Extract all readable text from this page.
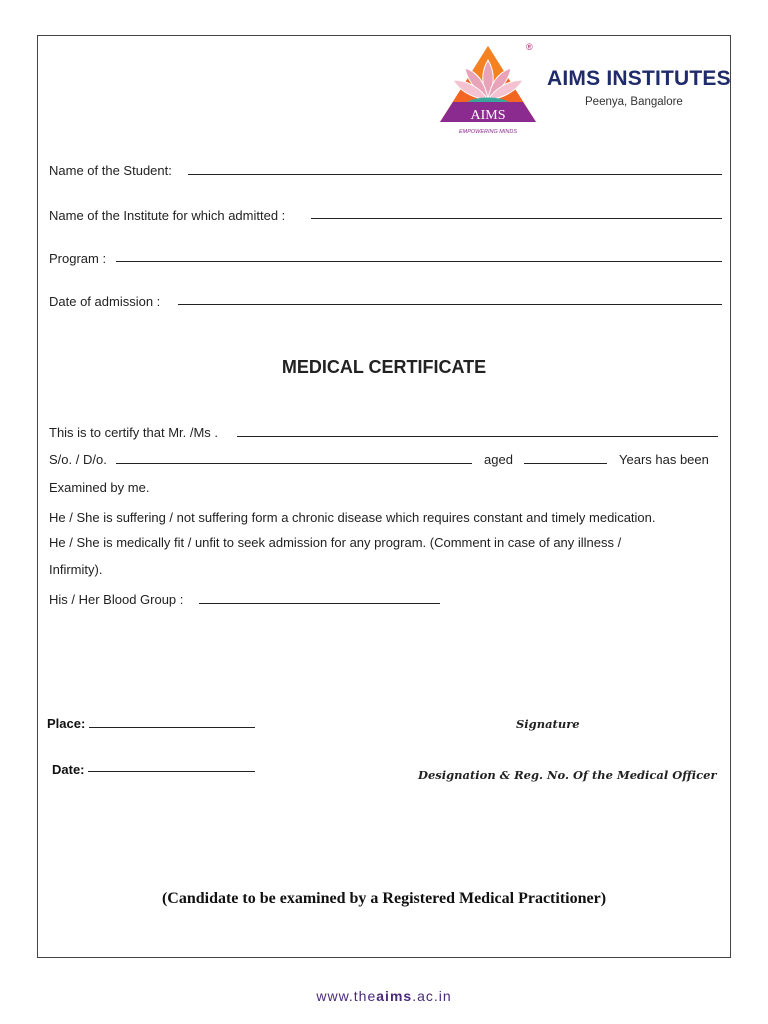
AIMS
EMPOWERING MINDS
®
AIMS INSTITUTES
Peenya, Bangalore
Name of the Student:
Name of the Institute for which admitted :
Program :
Date of admission :
MEDICAL CERTIFICATE
This is to certify that Mr. /Ms .
S/o. / D/o.	aged	Years has been
Examined by me.
He / She is suffering / not suffering form a chronic disease which requires constant and timely medication.
He / She is medically fit / unfit to seek admission for any program. (Comment in case of any illness /
Infirmity).
His / Her Blood Group :
Place:	Signature
Date:	Designation & Reg. No. Of the Medical Officer
(Candidate to be examined by a Registered Medical Practitioner)
www.theaims.ac.in
